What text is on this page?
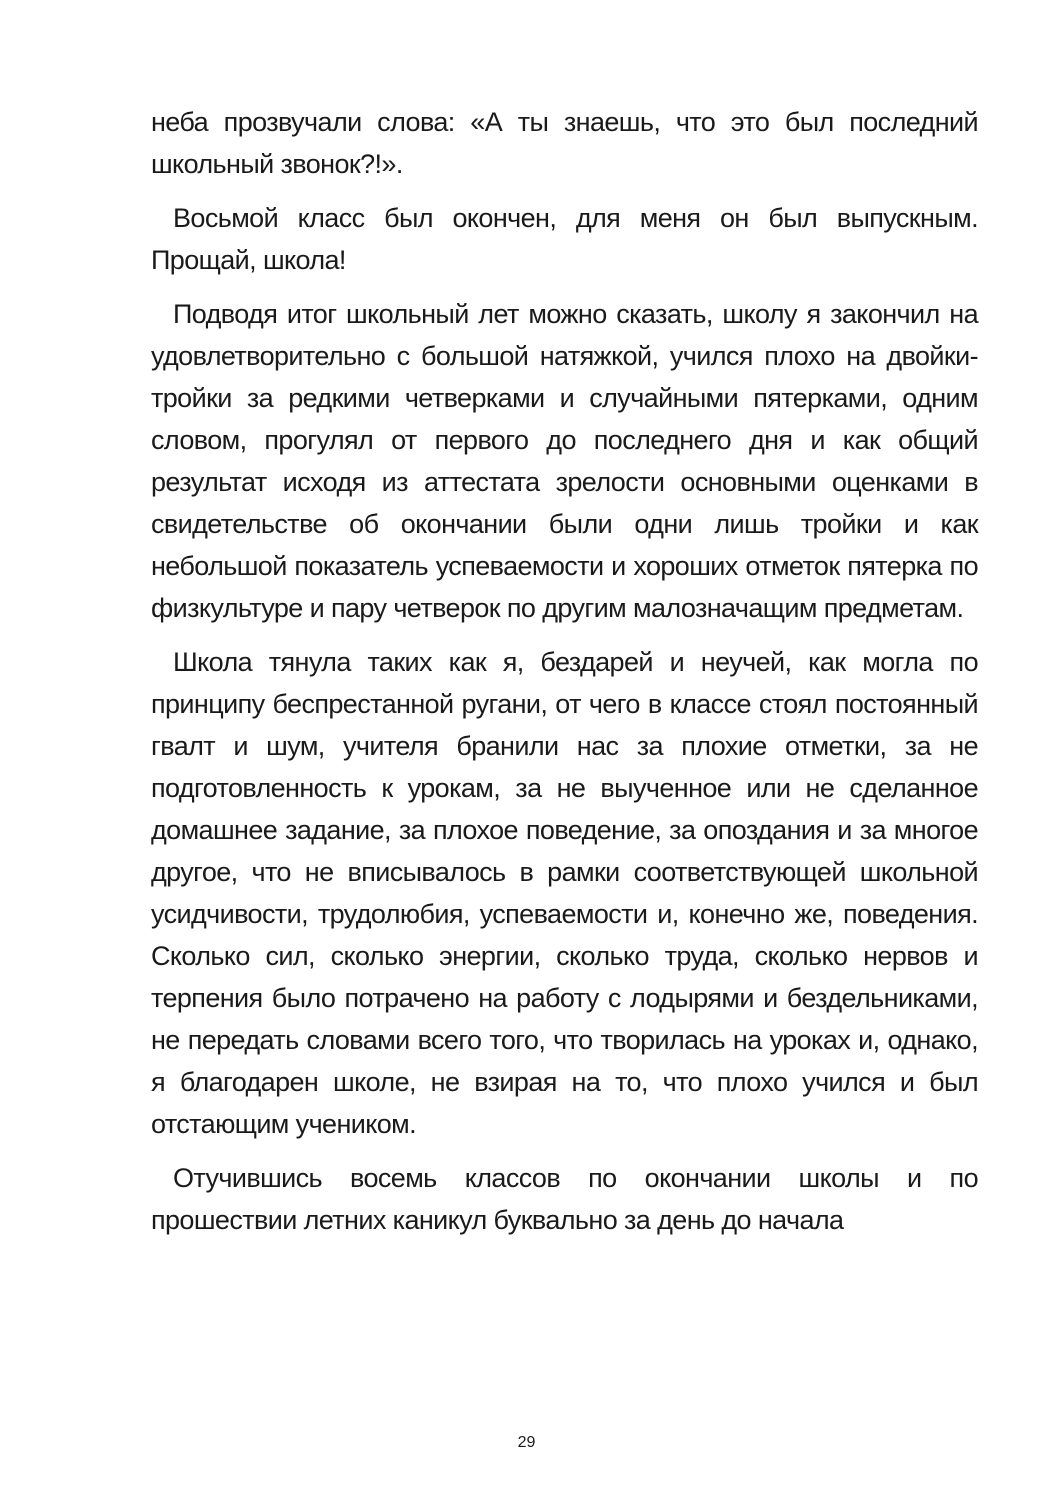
неба прозвучали слова: «А ты знаешь, что это был последний школьный звонок?!».

Восьмой класс был окончен, для меня он был выпускным. Прощай, школа!

Подводя итог школьный лет можно сказать, школу я закончил на удовлетворительно с большой натяжкой, учился плохо на двойки-тройки за редкими четверками и случайными пятерками, одним словом, прогулял от первого до последнего дня и как общий результат исходя из аттестата зрелости основными оценками в свидетельстве об окончании были одни лишь тройки и как небольшой показатель успеваемости и хороших отметок пятерка по физкультуре и пару четверок по другим малозначащим предметам.

Школа тянула таких как я, бездарей и неучей, как могла по принципу беспрестанной ругани, от чего в классе стоял постоянный гвалт и шум, учителя бранили нас за плохие отметки, за не подготовленность к урокам, за не выученное или не сделанное домашнее задание, за плохое поведение, за опоздания и за многое другое, что не вписывалось в рамки соответствующей школьной усидчивости, трудолюбия, успеваемости и, конечно же, поведения. Сколько сил, сколько энергии, сколько труда, сколько нервов и терпения было потрачено на работу с лодырями и бездельниками, не передать словами всего того, что творилась на уроках и, однако, я благодарен школе, не взирая на то, что плохо учился и был отстающим учеником.

Отучившись восемь классов по окончании школы и по прошествии летних каникул буквально за день до начала

29
